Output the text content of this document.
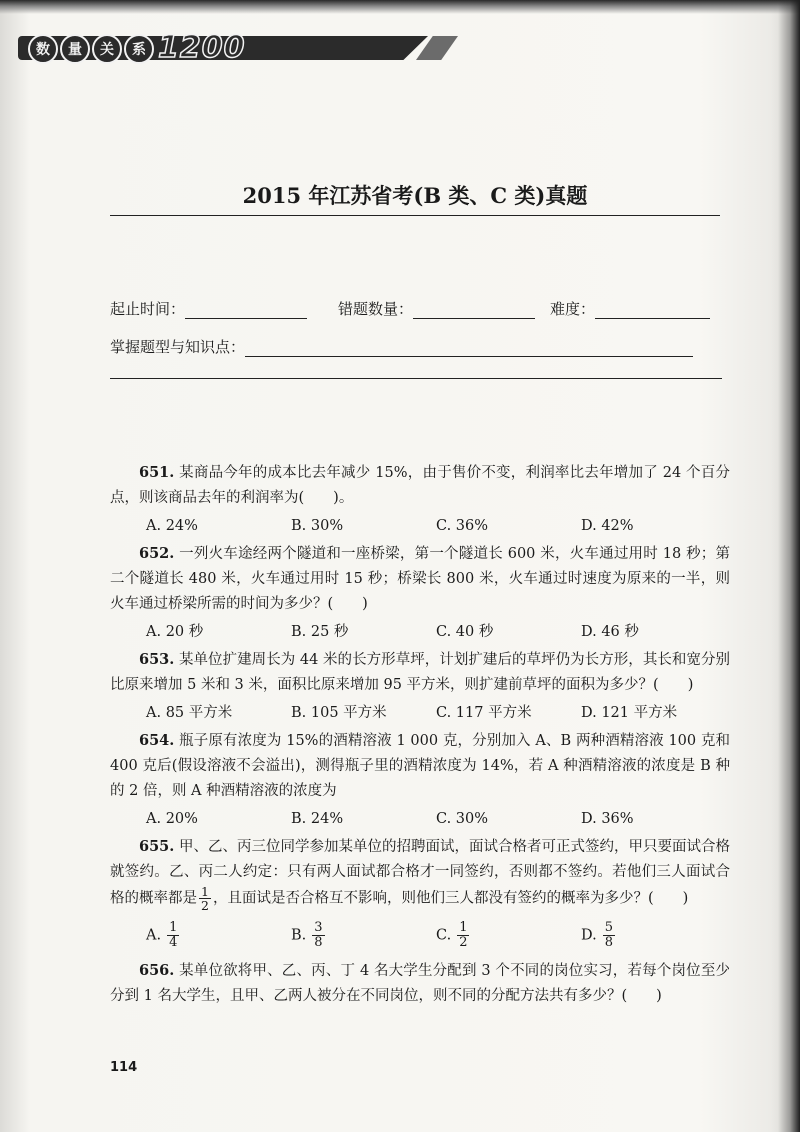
数	量	关	系 1200
2015 年江苏省考(B 类、C 类)真题
起止时间：	错题数量：	难度：
掌握题型与知识点：

651. 某商品今年的成本比去年减少 15%，由于售价不变，利润率比去年增加了 24 个百分点，则该商品去年的利润率为(　　)。

A. 24%	B. 30%	C. 36%	D. 42%

652. 一列火车途经两个隧道和一座桥梁，第一个隧道长 600 米，火车通过用时 18 秒；第二个隧道长 480 米，火车通过用时 15 秒；桥梁长 800 米，火车通过时速度为原来的一半，则火车通过桥梁所需的时间为多少？(　　)

A. 20 秒	B. 25 秒	C. 40 秒	D. 46 秒

653. 某单位扩建周长为 44 米的长方形草坪，计划扩建后的草坪仍为长方形，其长和宽分别比原来增加 5 米和 3 米，面积比原来增加 95 平方米，则扩建前草坪的面积为多少？(　　)

A. 85 平方米	B. 105 平方米	C. 117 平方米	D. 121 平方米

654. 瓶子原有浓度为 15%的酒精溶液 1 000 克，分别加入 A、B 两种酒精溶液 100 克和 400 克后(假设溶液不会溢出)，测得瓶子里的酒精浓度为 14%，若 A 种酒精溶液的浓度是 B 种的 2 倍，则 A 种酒精溶液的浓度为

A. 20%	B. 24%	C. 30%	D. 36%

655. 甲、乙、丙三位同学参加某单位的招聘面试，面试合格者可正式签约，甲只要面试合格就签约。乙、丙二人约定：只有两人面试都合格才一同签约，否则都不签约。若他们三人面试合格的概率都是 $\frac{1}{2}$ ，且面试是否合格互不影响，则他们三人都没有签约的概率为多少？(　　)

A. $\frac{1}{4}$	B. $\frac{3}{8}$	C. $\frac{1}{2}$	D. $\frac{5}{8}$

656. 某单位欲将甲、乙、丙、丁 4 名大学生分配到 3 个不同的岗位实习，若每个岗位至少分到 1 名大学生，且甲、乙两人被分在不同岗位，则不同的分配方法共有多少？(　　)

114
